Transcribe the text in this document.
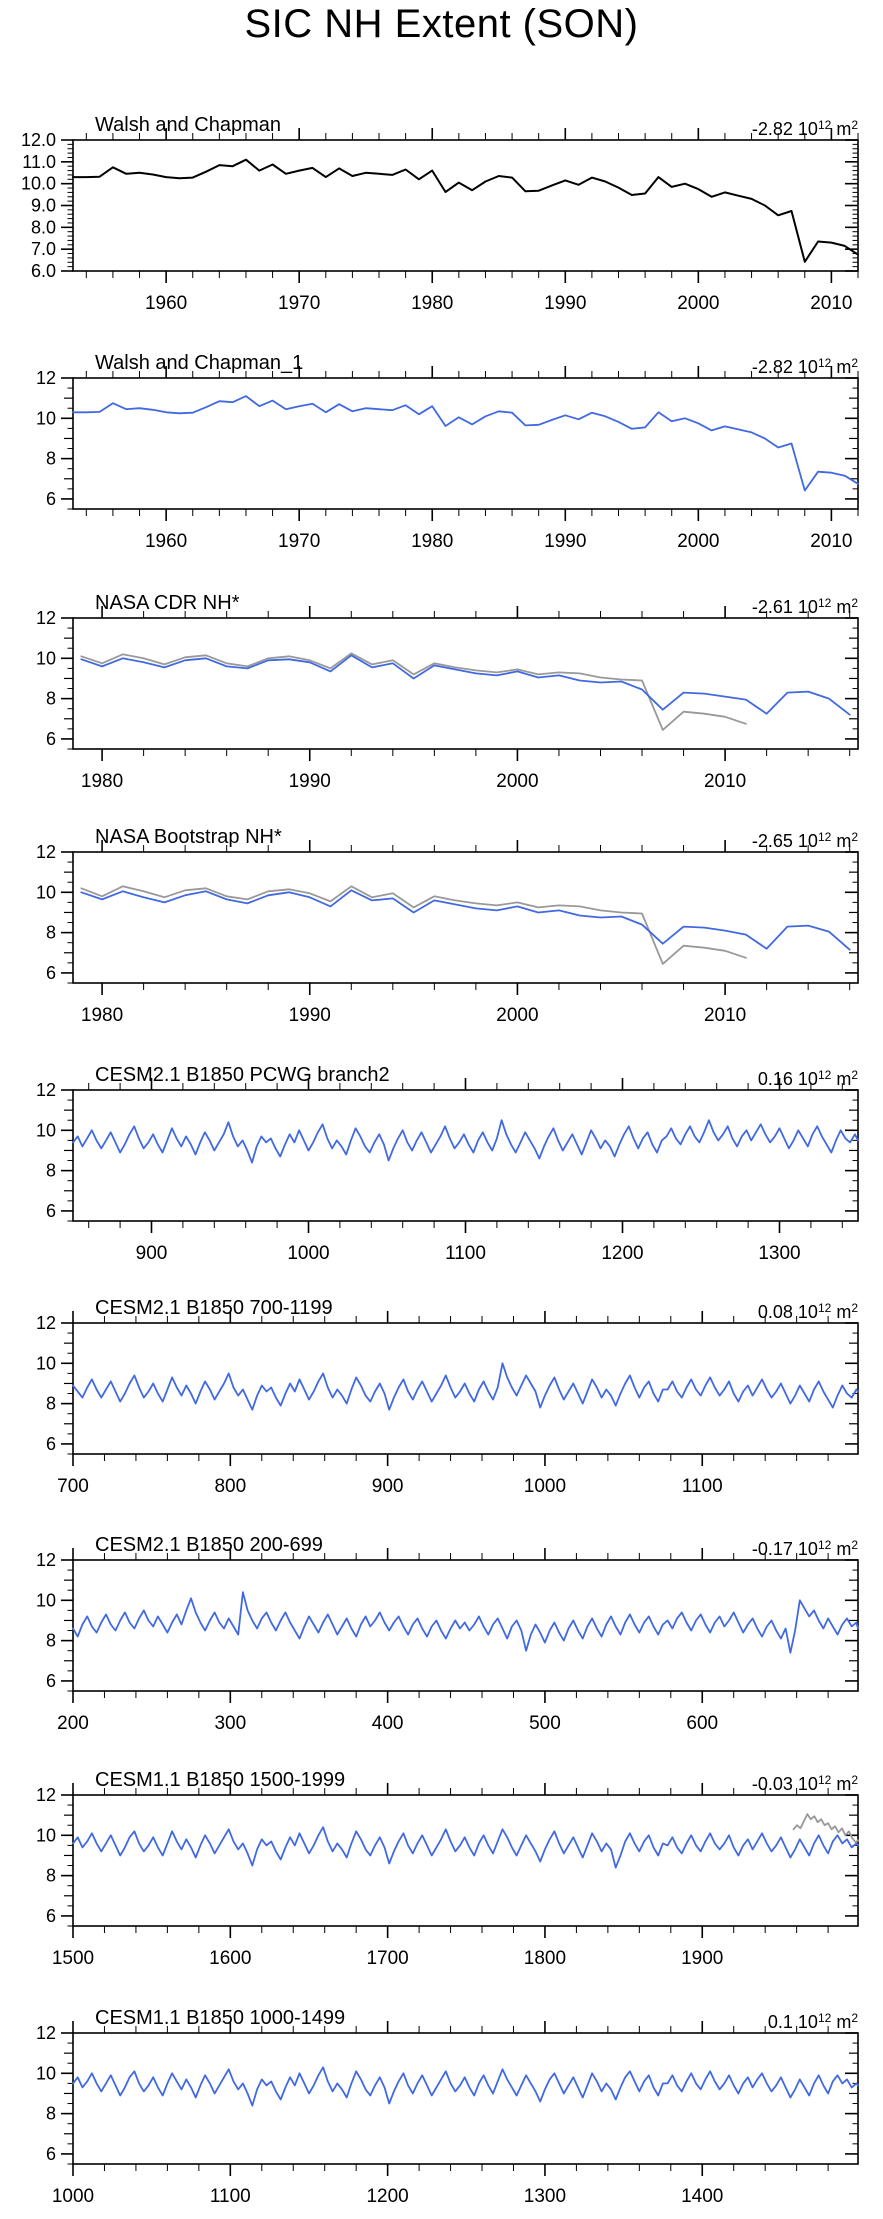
SIC NH Extent (SON)
Walsh and Chapman	-2.82 $10^{12}$ $m^2$
1960	1970	1980	1990	2000	2010
12.0
11.0
10.0
9.0
8.0
7.0
6.0
Walsh and Chapman_1	-2.82 $10^{12}$ $m^2$
1960	1970	1980	1990	2000	2010
12
10
8
6
NASA CDR NH*	-2.61 $10^{12}$ $m^2$
1980	1990	2000	2010
12
10
8
6
NASA Bootstrap NH*	-2.65 $10^{12}$ $m^2$
1980	1990	2000	2010
12
10
8
6
CESM2.1 B1850 PCWG branch2	0.16 $10^{12}$ $m^2$
900	1000	1100	1200	1300
12
10
8
6
CESM2.1 B1850 700-1199	0.08 $10^{12}$ $m^2$
700	800	900	1000	1100
12
10
8
6
CESM2.1 B1850 200-699	-0.17 $10^{12}$ $m^2$
200	300	400	500	600
12
10
8
6
CESM1.1 B1850 1500-1999	-0.03 $10^{12}$ $m^2$
1500	1600	1700	1800	1900
12
10
8
6
CESM1.1 B1850 1000-1499	0.1 $10^{12}$ $m^2$
1000	1100	1200	1300	1400
12
10
8
6
